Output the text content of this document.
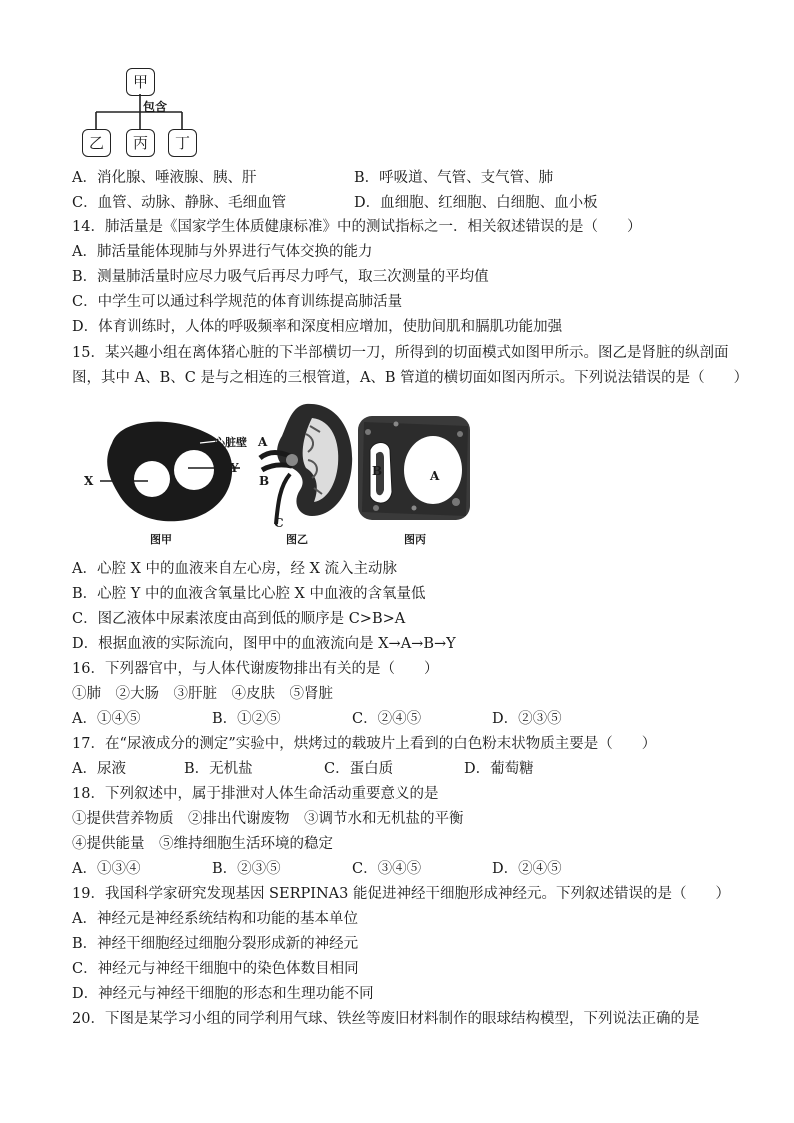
甲
包含
乙	丙	丁
A．消化腺、唾液腺、胰、肝	B．呼吸道、气管、支气管、肺
C．血管、动脉、静脉、毛细血管	D．血细胞、红细胞、白细胞、血小板
14．肺活量是《国家学生体质健康标准》中的测试指标之一．相关叙述错误的是（　　）
A．肺活量能体现肺与外界进行气体交换的能力
B．测量肺活量时应尽力吸气后再尽力呼气，取三次测量的平均值
C．中学生可以通过科学规范的体育训练提高肺活量
D．体育训练时，人体的呼吸频率和深度相应增加，使肋间肌和膈肌功能加强
15．某兴趣小组在离体猪心脏的下半部横切一刀，所得到的切面模式如图甲所示。图乙是肾脏的纵剖面
图，其中 A、B、C 是与之相连的三根管道，A、B 管道的横切面如图丙所示。下列说法错误的是（　　）
心脏壁
X
Y
图甲
A
B
C
图乙
B	A
图丙
A．心腔 X 中的血液来自左心房，经 X 流入主动脉
B．心腔 Y 中的血液含氧量比心腔 X 中血液的含氧量低
C．图乙液体中尿素浓度由高到低的顺序是 C>B>A
D．根据血液的实际流向，图甲中的血液流向是 X→A→B→Y
16．下列器官中，与人体代谢废物排出有关的是（　　）
①肺　②大肠　③肝脏　④皮肤　⑤肾脏
A．①④⑤	B．①②⑤	C．②④⑤	D．②③⑤
17．在“尿液成分的测定”实验中，烘烤过的载玻片上看到的白色粉末状物质主要是（　　）
A．尿液	B．无机盐	C．蛋白质	D．葡萄糖
18．下列叙述中，属于排泄对人体生命活动重要意义的是
①提供营养物质　②排出代谢废物　③调节水和无机盐的平衡
④提供能量　⑤维持细胞生活环境的稳定
A．①③④	B．②③⑤	C．③④⑤	D．②④⑤
19．我国科学家研究发现基因 SERPINA3 能促进神经干细胞形成神经元。下列叙述错误的是（　　）
A．神经元是神经系统结构和功能的基本单位
B．神经干细胞经过细胞分裂形成新的神经元
C．神经元与神经干细胞中的染色体数目相同
D．神经元与神经干细胞的形态和生理功能不同
20．下图是某学习小组的同学利用气球、铁丝等废旧材料制作的眼球结构模型，下列说法正确的是
